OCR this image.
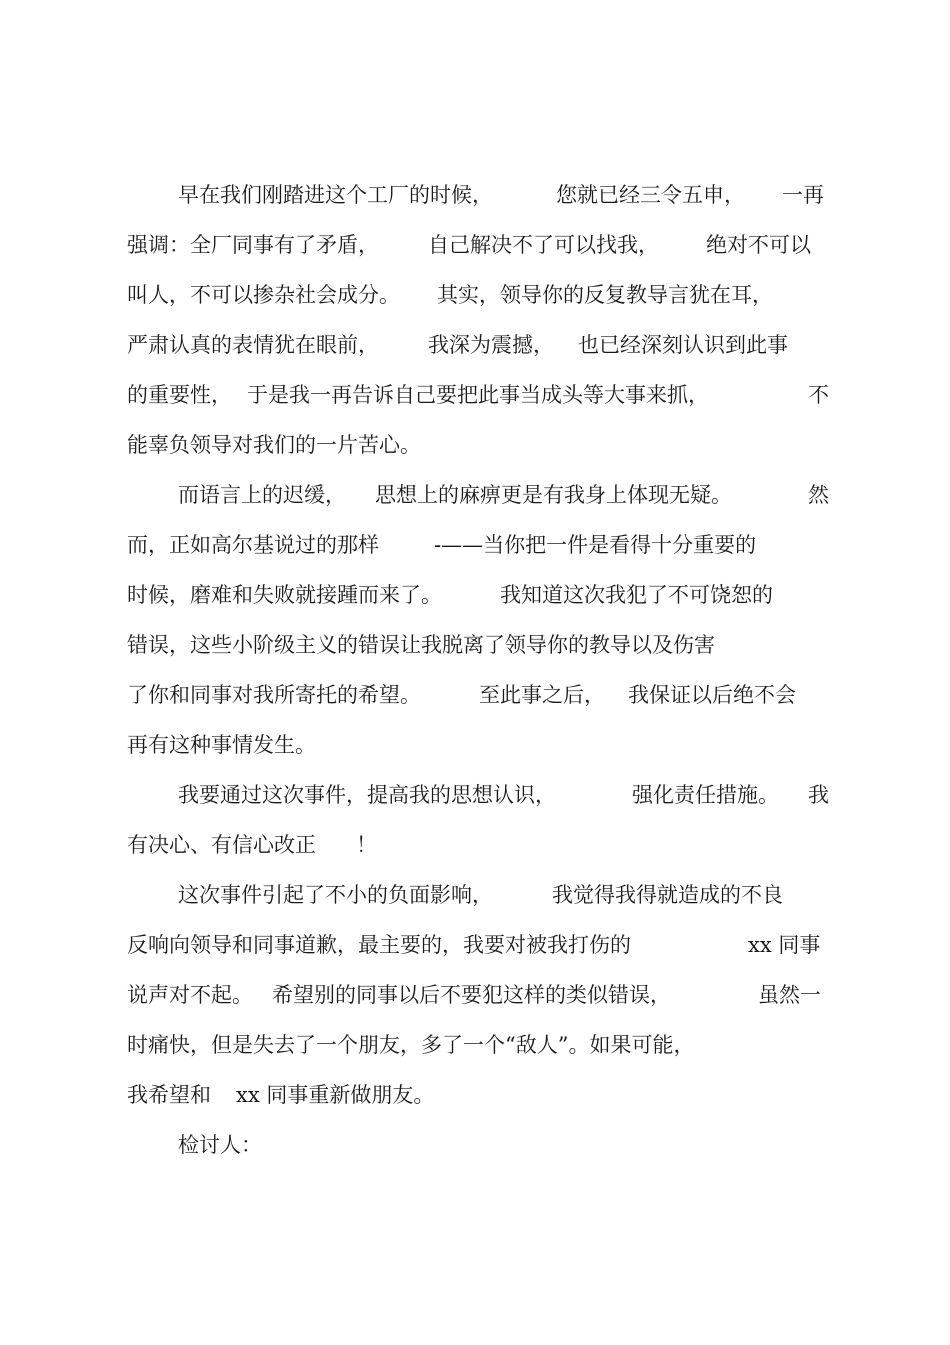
早在我们刚踏进这个工厂的时候，	您就已经三令五申， 一再
强调：全厂同事有了矛盾， 自己解决不了可以找我， 绝对不可以
叫人，不可以掺杂社会成分。 其实，领导你的反复教导言犹在耳，
严肃认真的表情犹在眼前， 我深为震撼， 也已经深刻认识到此事
的重要性， 于是我一再告诉自己要把此事当成头等大事来抓，	不
能辜负领导对我们的一片苦心。
而语言上的迟缓， 思想上的麻痹更是有我身上体现无疑。	然
而，正如高尔基说过的那样	-——当你把一件是看得十分重要的
时候，磨难和失败就接踵而来了。	我知道这次我犯了不可饶恕的
错误，这些小阶级主义的错误让我脱离了领导你的教导以及伤害
了你和同事对我所寄托的希望。	至此事之后， 我保证以后绝不会
再有这种事情发生。
我要通过这次事件，提高我的思想认识，	强化责任措施。 我
有决心、有信心改正 ！
这次事件引起了不小的负面影响，	我觉得我得就造成的不良
反响向领导和同事道歉，最主要的，我要对被我打伤的	xx 同事
说声对不起。 希望别的同事以后不要犯这样的类似错误，	虽然一
时痛快，但是失去了一个朋友，多了一个“敌人”。如果可能，
我希望和 xx 同事重新做朋友。
检讨人：
